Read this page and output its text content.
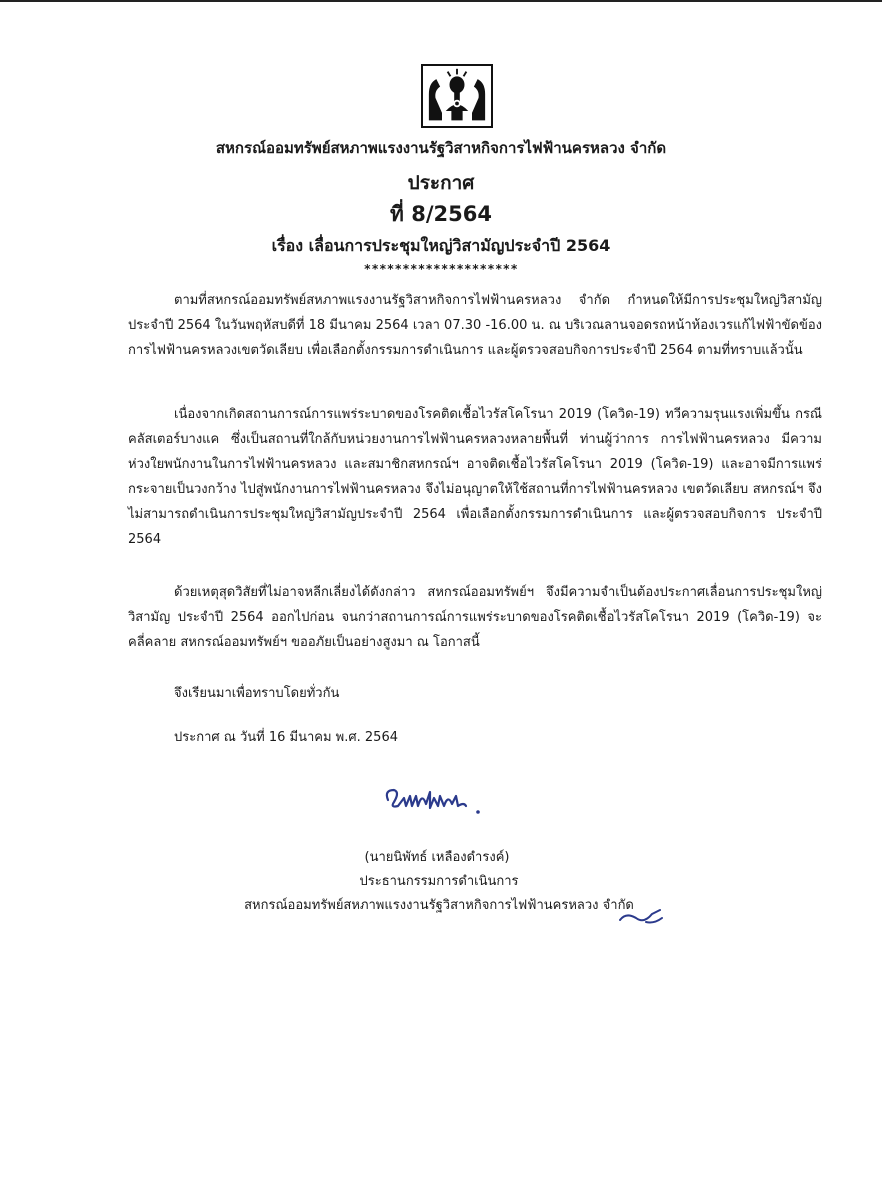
สหกรณ์ออมทรัพย์สหภาพแรงงานรัฐวิสาหกิจการไฟฟ้านครหลวง จำกัด
ประกาศ
ที่ 8/2564
เรื่อง เลื่อนการประชุมใหญ่วิสามัญประจำปี 2564
********************

ตามที่สหกรณ์ออมทรัพย์สหภาพแรงงานรัฐวิสาหกิจการไฟฟ้านครหลวง จำกัด กำหนดให้มีการประชุมใหญ่วิสามัญประจำปี 2564 ในวันพฤหัสบดีที่ 18 มีนาคม 2564 เวลา 07.30 -16.00 น. ณ บริเวณลานจอดรถหน้าห้องเวรแก้ไฟฟ้าขัดข้อง การไฟฟ้านครหลวงเขตวัดเลียบ เพื่อเลือกตั้งกรรมการดำเนินการ และผู้ตรวจสอบกิจการประจำปี 2564 ตามที่ทราบแล้วนั้น

เนื่องจากเกิดสถานการณ์การแพร่ระบาดของโรคติดเชื้อไวรัสโคโรนา 2019 (โควิด-19) ทวีความรุนแรงเพิ่มขึ้น กรณีคลัสเตอร์บางแค ซึ่งเป็นสถานที่ใกล้กับหน่วยงานการไฟฟ้านครหลวงหลายพื้นที่ ท่านผู้ว่าการ การไฟฟ้านครหลวง มีความห่วงใยพนักงานในการไฟฟ้านครหลวง และสมาชิกสหกรณ์ฯ อาจติดเชื้อไวรัสโคโรนา 2019 (โควิด-19) และอาจมีการแพร่กระจายเป็นวงกว้าง ไปสู่พนักงานการไฟฟ้านครหลวง จึงไม่อนุญาตให้ใช้สถานที่การไฟฟ้านครหลวง เขตวัดเลียบ สหกรณ์ฯ จึงไม่สามารถดำเนินการประชุมใหญ่วิสามัญประจำปี 2564 เพื่อเลือกตั้งกรรมการดำเนินการ และผู้ตรวจสอบกิจการ ประจำปี 2564

ด้วยเหตุสุดวิสัยที่ไม่อาจหลีกเลี่ยงได้ดังกล่าว สหกรณ์ออมทรัพย์ฯ จึงมีความจำเป็นต้องประกาศเลื่อนการประชุมใหญ่วิสามัญ ประจำปี 2564 ออกไปก่อน จนกว่าสถานการณ์การแพร่ระบาดของโรคติดเชื้อไวรัสโคโรนา 2019 (โควิด-19) จะคลี่คลาย สหกรณ์ออมทรัพย์ฯ ขออภัยเป็นอย่างสูงมา ณ โอกาสนี้

จึงเรียนมาเพื่อทราบโดยทั่วกัน
ประกาศ ณ วันที่ 16 มีนาคม พ.ศ. 2564
(นายนิพัทธ์ เหลืองดำรงค์)
ประธานกรรมการดำเนินการ
สหกรณ์ออมทรัพย์สหภาพแรงงานรัฐวิสาหกิจการไฟฟ้านครหลวง จำกัด
